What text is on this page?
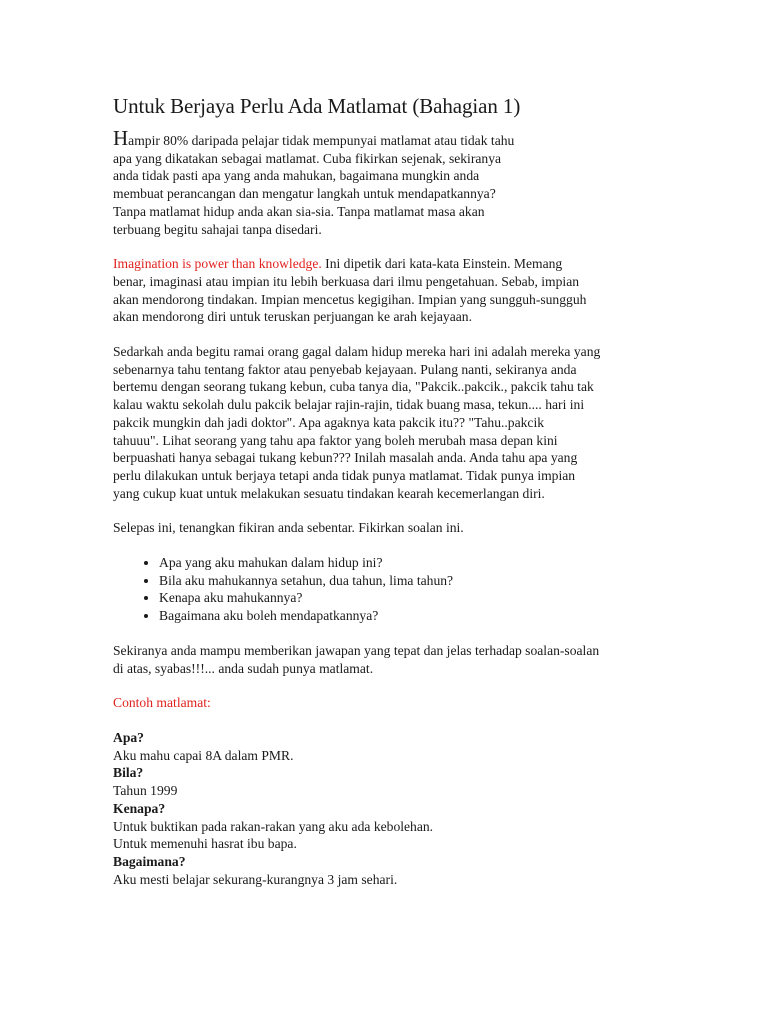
Untuk Berjaya Perlu Ada Matlamat (Bahagian 1)

Hampir 80% daripada pelajar tidak mempunyai matlamat atau tidak tahu
apa yang dikatakan sebagai matlamat. Cuba fikirkan sejenak, sekiranya
anda tidak pasti apa yang anda mahukan, bagaimana mungkin anda
membuat perancangan dan mengatur langkah untuk mendapatkannya?
Tanpa matlamat hidup anda akan sia-sia. Tanpa matlamat masa akan
terbuang begitu sahajai tanpa disedari.

Imagination is power than knowledge. Ini dipetik dari kata-kata Einstein. Memang
benar, imaginasi atau impian itu lebih berkuasa dari ilmu pengetahuan. Sebab, impian
akan mendorong tindakan. Impian mencetus kegigihan. Impian yang sungguh-sungguh
akan mendorong diri untuk teruskan perjuangan ke arah kejayaan.

Sedarkah anda begitu ramai orang gagal dalam hidup mereka hari ini adalah mereka yang
sebenarnya tahu tentang faktor atau penyebab kejayaan. Pulang nanti, sekiranya anda
bertemu dengan seorang tukang kebun, cuba tanya dia, "Pakcik..pakcik., pakcik tahu tak
kalau waktu sekolah dulu pakcik belajar rajin-rajin, tidak buang masa, tekun.... hari ini
pakcik mungkin dah jadi doktor". Apa agaknya kata pakcik itu?? "Tahu..pakcik
tahuuu". Lihat seorang yang tahu apa faktor yang boleh merubah masa depan kini
berpuashati hanya sebagai tukang kebun??? Inilah masalah anda. Anda tahu apa yang
perlu dilakukan untuk berjaya tetapi anda tidak punya matlamat. Tidak punya impian
yang cukup kuat untuk melakukan sesuatu tindakan kearah kecemerlangan diri.

Selepas ini, tenangkan fikiran anda sebentar. Fikirkan soalan ini.

• Apa yang aku mahukan dalam hidup ini?
• Bila aku mahukannya setahun, dua tahun, lima tahun?
• Kenapa aku mahukannya?
• Bagaimana aku boleh mendapatkannya?

Sekiranya anda mampu memberikan jawapan yang tepat dan jelas terhadap soalan-soalan
di atas, syabas!!!... anda sudah punya matlamat.

Contoh matlamat:

Apa?
Aku mahu capai 8A dalam PMR.
Bila?
Tahun 1999
Kenapa?
Untuk buktikan pada rakan-rakan yang aku ada kebolehan.
Untuk memenuhi hasrat ibu bapa.
Bagaimana?
Aku mesti belajar sekurang-kurangnya 3 jam sehari.
